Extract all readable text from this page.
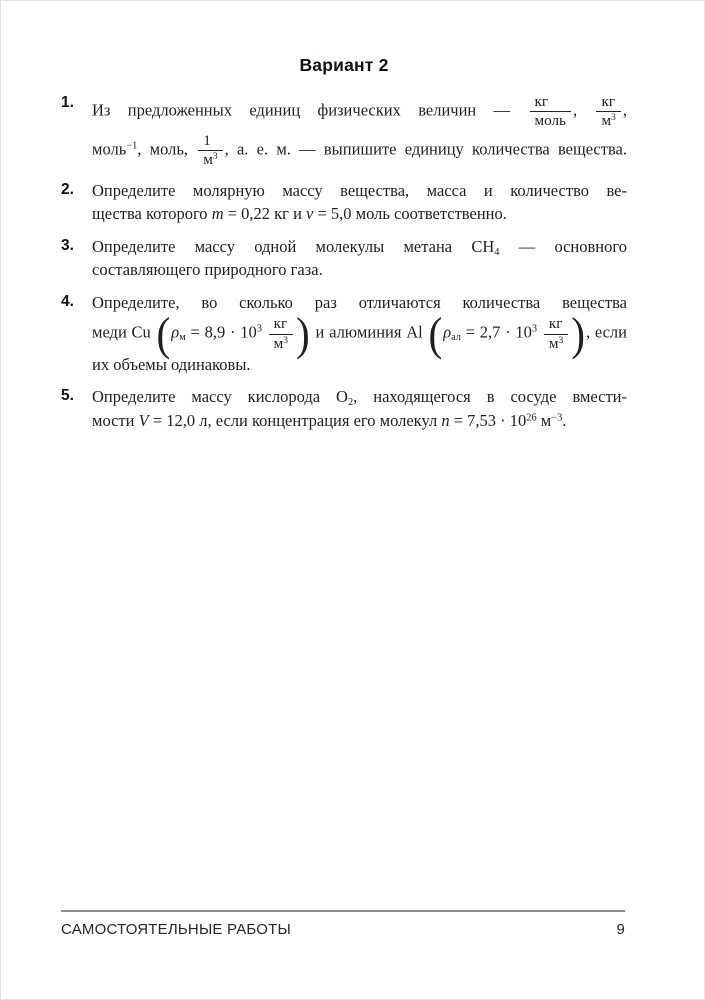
Вариант 2
1.	Из предложенных единиц физических величин — $\frac{кг}{\text{моль}}$ , $\frac{кг}{м^3}$ ,
моль$^{-1}$, моль, $\frac{1}{м^3}$ , а. е. м. — выпишите единицу количества вещества.
2.	Определите молярную массу вещества, масса и количество ве-
щества которого m = 0,22 кг и ν = 5,0 моль соответственно.
3.	Определите массу одной молекулы метана $CH_4$ — основного
составляющего природного газа.
4.	Определите, во сколько раз отличаются количества вещества
меди Cu ($\rho_м = 8,9 \cdot 10^3 \frac{кг}{м^3}$ ) и алюминия Al ($\rho_{ал} = 2,7 \cdot 10^3 \frac{кг}{м^3}$ ), если
их объемы одинаковы.
5.	Определите массу кислорода $O_2$, находящегося в сосуде вмести-
мости V = 12,0 л, если концентрация его молекул $n = 7,53 \cdot 10^{26}$ $м^{-3}$.
САМОСТОЯТЕЛЬНЫЕ РАБОТЫ	9
